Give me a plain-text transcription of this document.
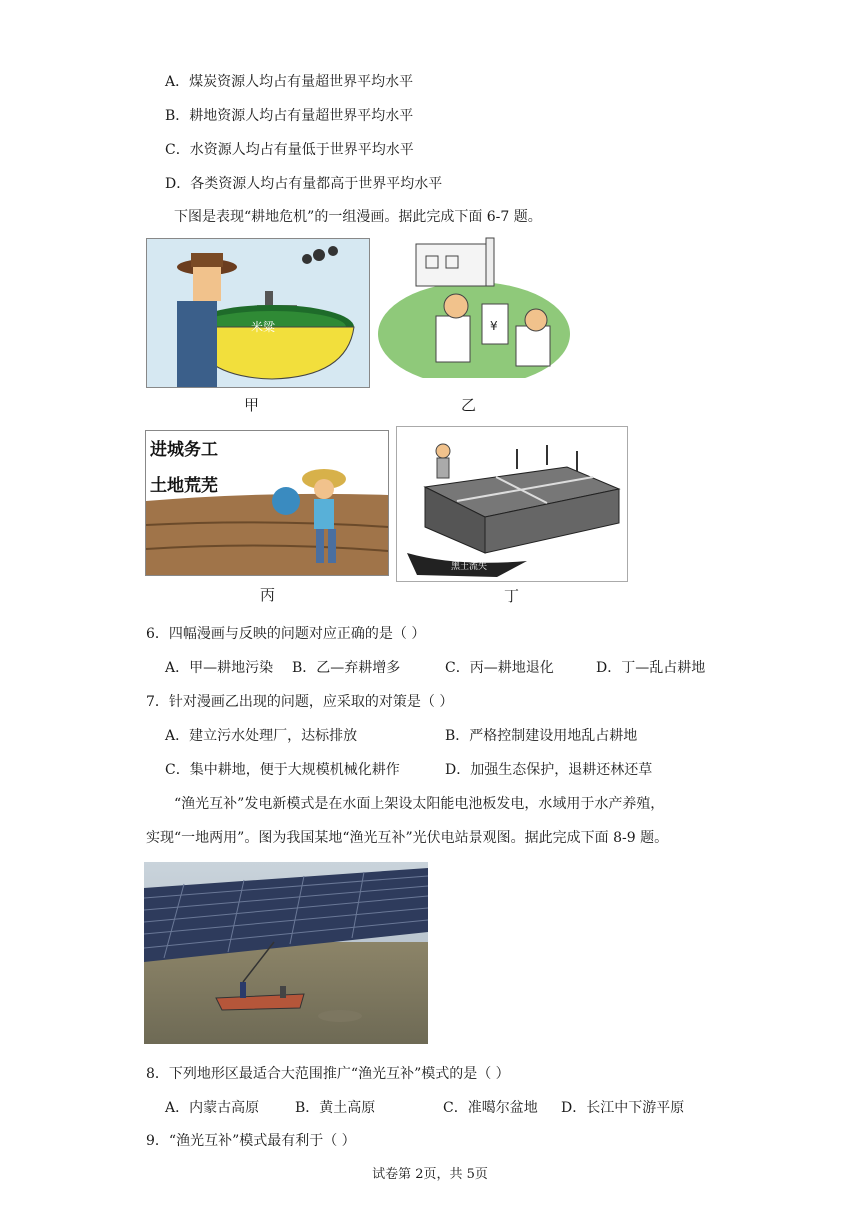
A．煤炭资源人均占有量超世界平均水平
B．耕地资源人均占有量超世界平均水平
C．水资源人均占有量低于世界平均水平
D．各类资源人均占有量都高于世界平均水平
下图是表现“耕地危机”的一组漫画。据此完成下面 6-7 题。
米粱
甲
¥
乙
进城务工
土地荒芜
丙
黑土流失
丁
6．四幅漫画与反映的问题对应正确的是（ ）
A．甲—耕地污染 B．乙—弃耕增多	C．丙—耕地退化	D．丁—乱占耕地
7．针对漫画乙出现的问题，应采取的对策是（ ）
A．建立污水处理厂，达标排放	B．严格控制建设用地乱占耕地
C．集中耕地，便于大规模机械化耕作	D．加强生态保护，退耕还林还草
“渔光互补”发电新模式是在水面上架设太阳能电池板发电，水域用于水产养殖，
实现“一地两用”。图为我国某地“渔光互补”光伏电站景观图。据此完成下面 8-9 题。
8．下列地形区最适合大范围推广“渔光互补”模式的是（ ）
A．内蒙古高原	B．黄土高原	C．准噶尔盆地 D．长江中下游平原
9．“渔光互补”模式最有利于（ ）
试卷第 2页，共 5页
